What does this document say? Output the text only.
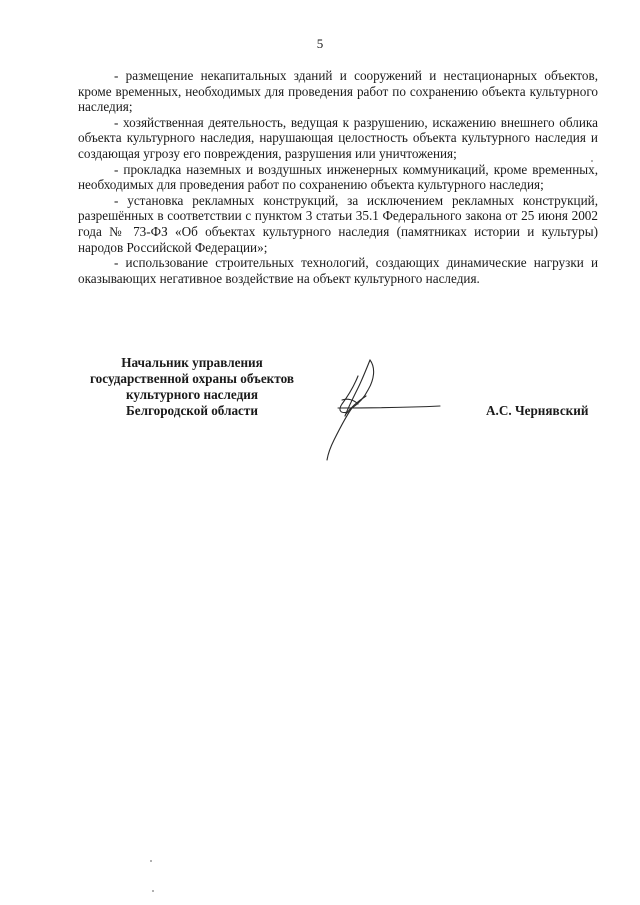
5

- размещение некапитальных зданий и сооружений и нестационарных объектов, кроме временных, необходимых для проведения работ по сохранению объекта культурного наследия;

- хозяйственная деятельность, ведущая к разрушению, искажению внешнего облика объекта культурного наследия, нарушающая целостность объекта культурного наследия и создающая угрозу его повреждения, разрушения или уничтожения;

- прокладка наземных и воздушных инженерных коммуникаций, кроме временных, необходимых для проведения работ по сохранению объекта культурного наследия;

- установка рекламных конструкций, за исключением рекламных конструкций, разрешённых в соответствии с пунктом 3 статьи 35.1 Федерального закона от 25 июня 2002 года № 73-ФЗ «Об объектах культурного наследия (памятниках истории и культуры) народов Российской Федерации»;

- использование строительных технологий, создающих динамические нагрузки и оказывающих негативное воздействие на объект культурного наследия.

Начальник управления
государственной охраны объектов
культурного наследия
Белгородской области	А.С. Чернявский
